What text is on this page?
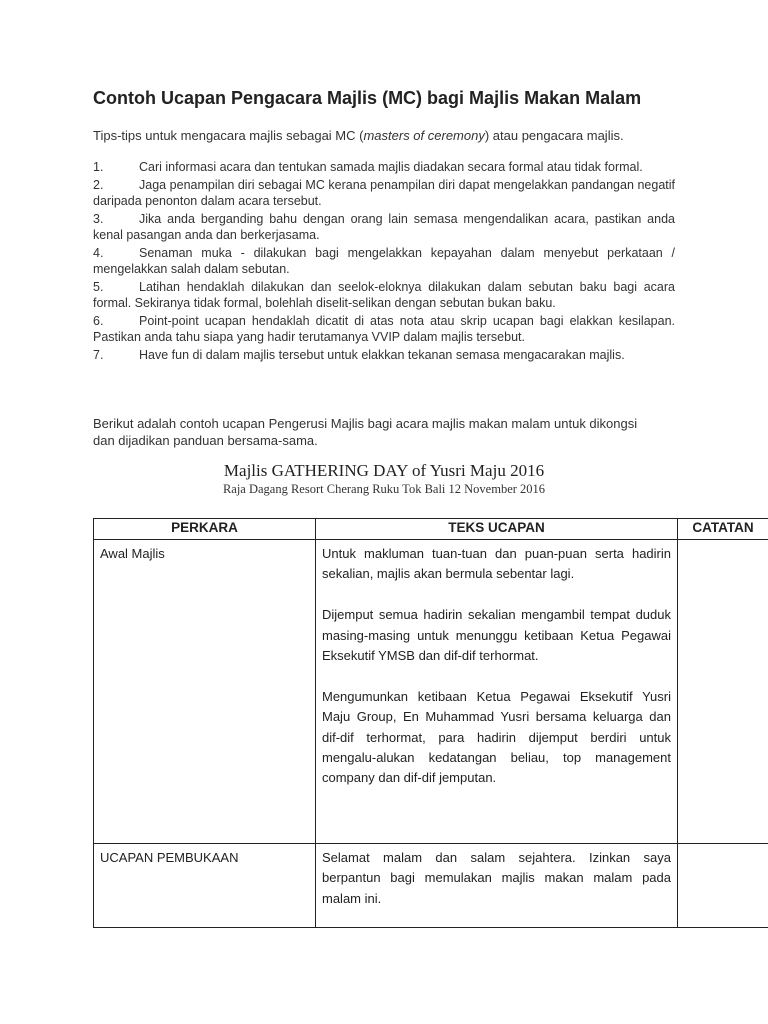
Contoh Ucapan Pengacara Majlis (MC) bagi Majlis Makan Malam
Tips-tips untuk mengacara majlis sebagai MC (masters of ceremony) atau pengacara majlis.
1.	Cari informasi acara dan tentukan samada majlis diadakan secara formal atau tidak formal.
2.	Jaga penampilan diri sebagai MC kerana penampilan diri dapat mengelakkan pandangan negatif daripada penonton dalam acara tersebut.
3.	Jika anda berganding bahu dengan orang lain semasa mengendalikan acara, pastikan anda kenal pasangan anda dan berkerjasama.
4.	Senaman muka - dilakukan bagi mengelakkan kepayahan dalam menyebut perkataan / mengelakkan salah dalam sebutan.
5.	Latihan hendaklah dilakukan dan seelok-eloknya dilakukan dalam sebutan baku bagi acara formal. Sekiranya tidak formal, bolehlah diselit-selikan dengan sebutan bukan baku.
6.	Point-point ucapan hendaklah dicatit di atas nota atau skrip ucapan bagi elakkan kesilapan. Pastikan anda tahu siapa yang hadir terutamanya VVIP dalam majlis tersebut.
7.	Have fun di dalam majlis tersebut untuk elakkan tekanan semasa mengacarakan majlis.
Berikut adalah contoh ucapan Pengerusi Majlis bagi acara majlis makan malam untuk dikongsi dan dijadikan panduan bersama-sama.
Majlis GATHERING DAY of Yusri Maju 2016
Raja Dagang Resort Cherang Ruku Tok Bali 12 November 2016
PERKARA	TEKS UCAPAN	CATATAN
Awal Majlis	Untuk makluman tuan-tuan dan puan-puan serta hadirin sekalian, majlis akan bermula sebentar lagi.

Dijemput semua hadirin sekalian mengambil tempat duduk masing-masing untuk menunggu ketibaan Ketua Pegawai Eksekutif YMSB dan dif-dif terhormat.

Mengumunkan ketibaan Ketua Pegawai Eksekutif Yusri Maju Group, En Muhammad Yusri bersama keluarga dan dif-dif terhormat, para hadirin dijemput berdiri untuk mengalu-alukan kedatangan beliau, top management company dan dif-dif jemputan.	

UCAPAN PEMBUKAAN	Selamat malam dan salam sejahtera. Izinkan saya berpantun bagi memulakan majlis makan malam pada malam ini.	
